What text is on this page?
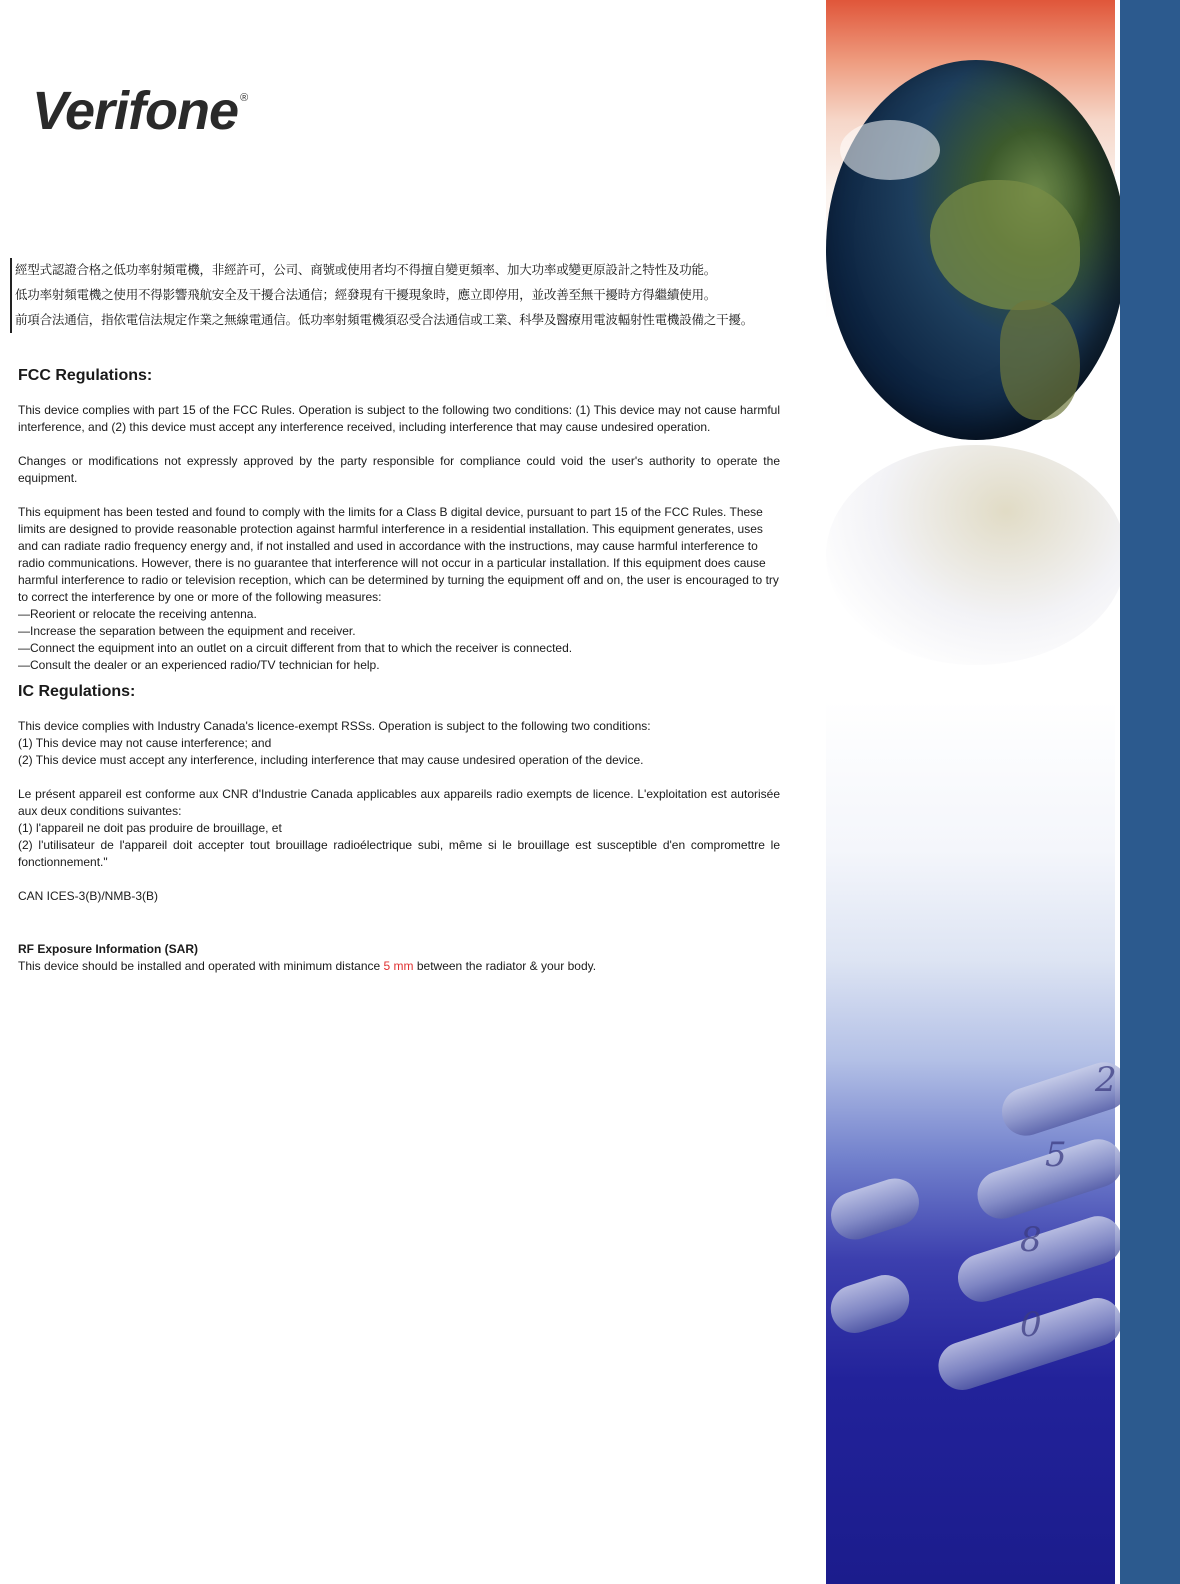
2
5
8
0
Verifone ®
經型式認證合格之低功率射頻電機，非經許可，公司、商號或使用者均不得擅自變更頻率、加大功率或變更原設計之特性及功能。
低功率射頻電機之使用不得影響飛航安全及干擾合法通信；經發現有干擾現象時，應立即停用，並改善至無干擾時方得繼續使用。
前項合法通信，指依電信法規定作業之無線電通信。低功率射頻電機須忍受合法通信或工業、科學及醫療用電波輻射性電機設備之干擾。
FCC Regulations:

This device complies with part 15 of the FCC Rules. Operation is subject to the following two conditions: (1) This device may not cause harmful interference, and (2) this device must accept any interference received, including interference that may cause undesired operation.

Changes or modifications not expressly approved by the party responsible for compliance could void the user's authority to operate the equipment.

This equipment has been tested and found to comply with the limits for a Class B digital device, pursuant to part 15 of the FCC Rules. These limits are designed to provide reasonable protection against harmful interference in a residential installation. This equipment generates, uses and can radiate radio frequency energy and, if not installed and used in accordance with the instructions, may cause harmful interference to radio communications. However, there is no guarantee that interference will not occur in a particular installation. If this equipment does cause harmful interference to radio or television reception, which can be determined by turning the equipment off and on, the user is encouraged to try to correct the interference by one or more of the following measures:

—Reorient or relocate the receiving antenna.
—Increase the separation between the equipment and receiver.
—Connect the equipment into an outlet on a circuit different from that to which the receiver is connected.
—Consult the dealer or an experienced radio/TV technician for help.
IC Regulations:
This device complies with Industry Canada's licence-exempt RSSs. Operation is subject to the following two conditions:
(1) This device may not cause interference; and
(2) This device must accept any interference, including interference that may cause undesired operation of the device.

Le présent appareil est conforme aux CNR d'Industrie Canada applicables aux appareils radio exempts de licence. L'exploitation est autorisée aux deux conditions suivantes:

(1) l'appareil ne doit pas produire de brouillage, et

(2) l'utilisateur de l'appareil doit accepter tout brouillage radioélectrique subi, même si le brouillage est susceptible d'en compromettre le fonctionnement."

CAN ICES-3(B)/NMB-3(B)
RF Exposure Information (SAR)
This device should be installed and operated with minimum distance 5 mm between the radiator & your body.
